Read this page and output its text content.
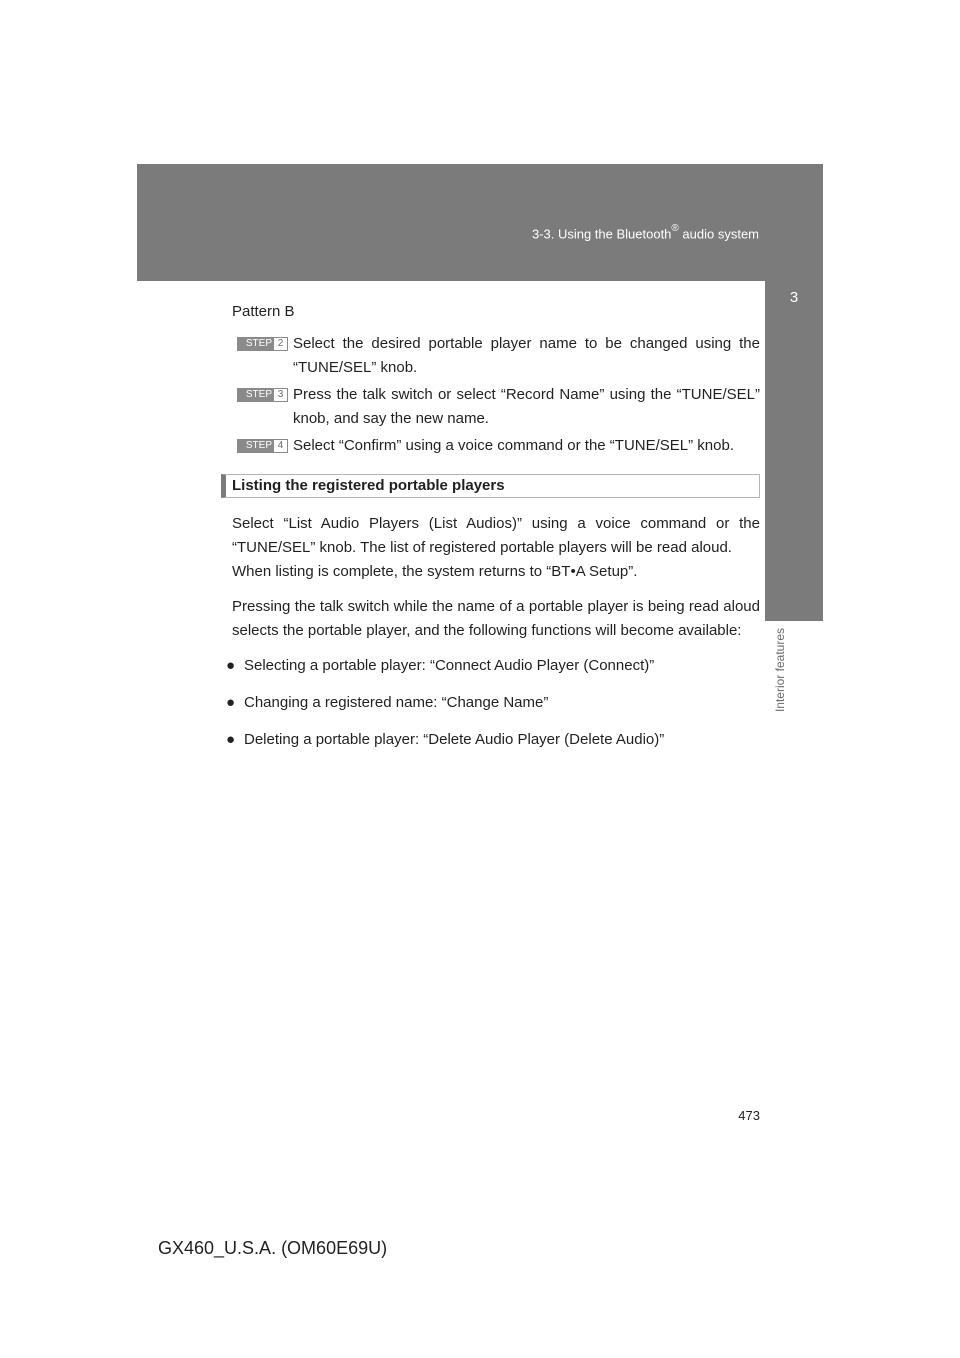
3-3. Using the Bluetooth® audio system
3
Interior features
Pattern B
STEP 2 Select the desired portable player name to be changed using the “TUNE/SEL” knob.
STEP 3 Press the talk switch or select “Record Name” using the “TUNE/SEL” knob, and say the new name.
STEP 4 Select “Confirm” using a voice command or the “TUNE/SEL” knob.
Listing the registered portable players

Select “List Audio Players (List Audios)” using a voice command or the “TUNE/SEL” knob. The list of registered portable players will be read aloud.
When listing is complete, the system returns to “BT•A Setup”.

Pressing the talk switch while the name of a portable player is being read aloud selects the portable player, and the following functions will become available:

● Selecting a portable player: “Connect Audio Player (Connect)”
● Changing a registered name: “Change Name”
● Deleting a portable player: “Delete Audio Player (Delete Audio)”
473
GX460_U.S.A. (OM60E69U)
